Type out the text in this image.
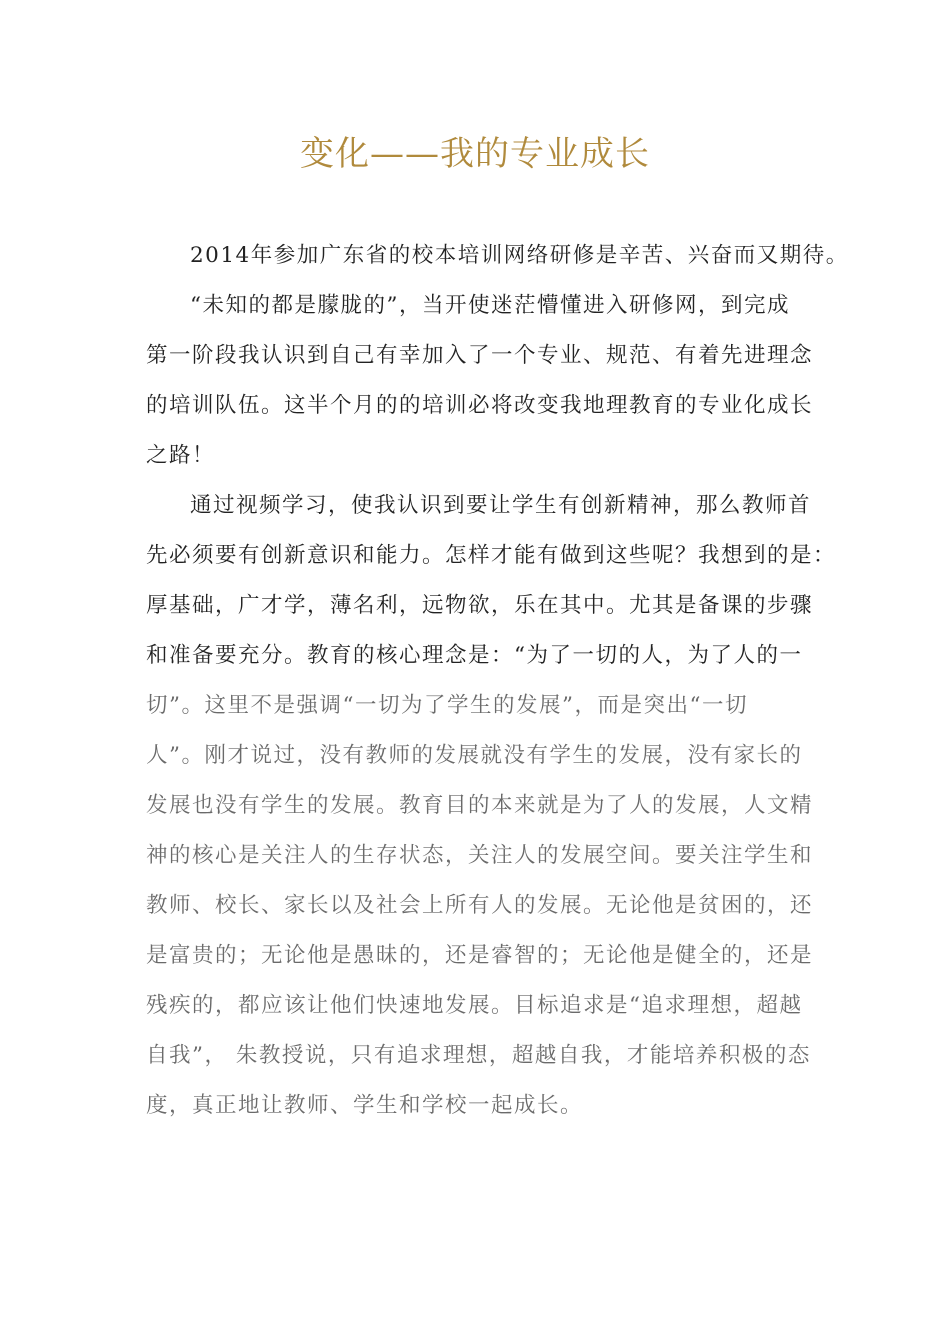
变化——我的专业成长
2014年参加广东省的校本培训网络研修是辛苦、兴奋而又期待。
“未知的都是朦胧的”，当开使迷茫懵懂进入研修网，到完成
第一阶段我认识到自己有幸加入了一个专业、规范、有着先进理念
的培训队伍。这半个月的的培训必将改变我地理教育的专业化成长
之路！
通过视频学习，使我认识到要让学生有创新精神，那么教师首
先必须要有创新意识和能力。怎样才能有做到这些呢？我想到的是：
厚基础，广才学，薄名利，远物欲，乐在其中。尤其是备课的步骤
和准备要充分。教育的核心理念是：“为了一切的人，为了人的一
切”。这里不是强调“一切为了学生的发展”，而是突出“一切
人”。刚才说过，没有教师的发展就没有学生的发展，没有家长的
发展也没有学生的发展。教育目的本来就是为了人的发展，人文精
神的核心是关注人的生存状态，关注人的发展空间。要关注学生和
教师、校长、家长以及社会上所有人的发展。无论他是贫困的，还
是富贵的；无论他是愚昧的，还是睿智的；无论他是健全的，还是
残疾的，都应该让他们快速地发展。目标追求是“追求理想，超越
自我”， 朱教授说，只有追求理想，超越自我，才能培养积极的态
度，真正地让教师、学生和学校一起成长。
